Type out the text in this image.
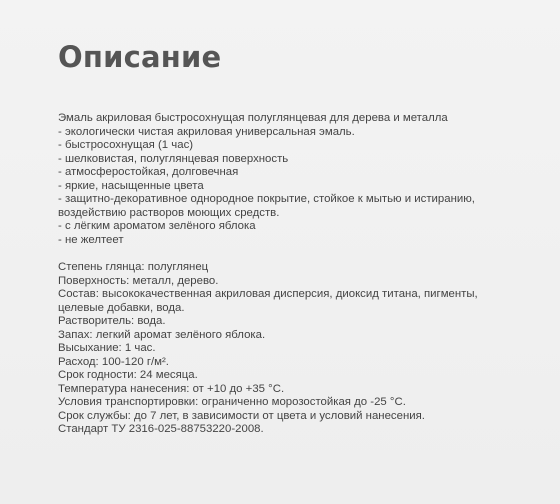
Описание

Эмаль акриловая быстросохнущая полуглянцевая для дерева и металла

- экологически чистая акриловая универсальная эмаль.

- быстросохнущая (1 час)

- шелковистая, полуглянцевая поверхность

- атмосферостойкая, долговечная

- яркие, насыщенные цвета

- защитно-декоративное однородное покрытие, стойкое к мытью и истиранию,

воздействию растворов моющих средств.

- с лёгким ароматом зелёного яблока

- не желтеет

Степень глянца: полуглянец

Поверхность: металл, дерево.

Состав: высококачественная акриловая дисперсия, диоксид титана, пигменты,

целевые добавки, вода.

Растворитель: вода.

Запах: легкий аромат зелёного яблока.

Высыхание: 1 час.

Расход: 100-120 г/м².

Срок годности: 24 месяца.

Температура нанесения: от +10 до +35 °С.

Условия транспортировки: ограниченно морозостойкая до -25 °С.

Срок службы: до 7 лет, в зависимости от цвета и условий нанесения.

Стандарт ТУ 2316-025-88753220-2008.
